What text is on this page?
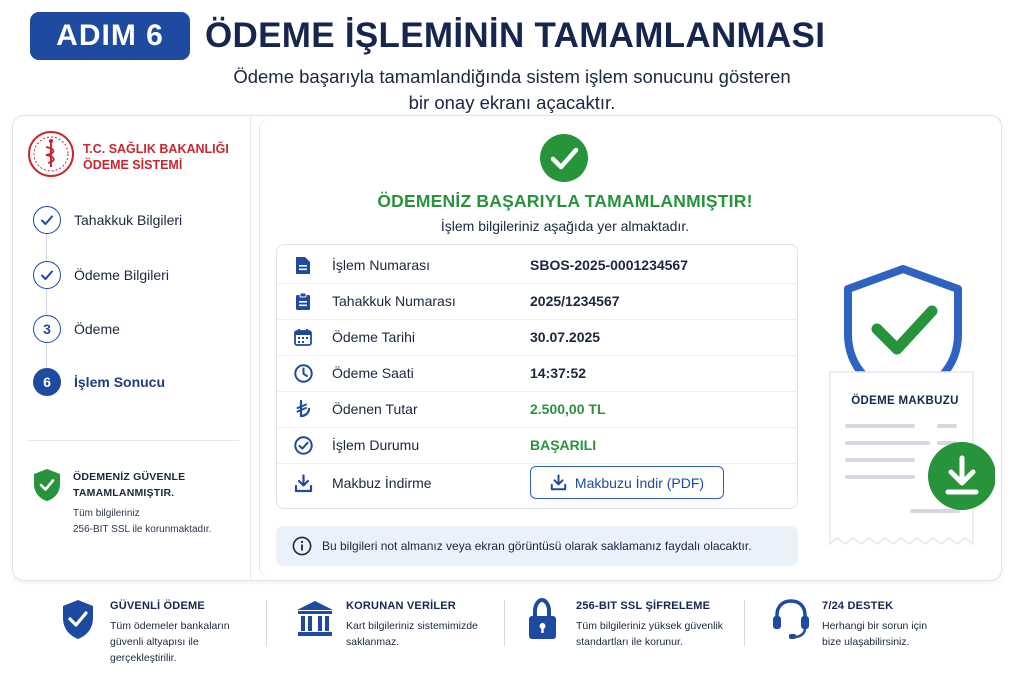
ADIM 6	ÖDEME İŞLEMİNİN TAMAMLANMASI
Ödeme başarıyla tamamlandiğında sistem işlem sonucunu gösteren
bir onay ekranı açacaktır.
T.C. SAĞLIK BAKANLIĞI
ÖDEME SİSTEMİ
Tahakkuk Bilgileri
Ödeme Bilgileri
3	Ödeme
6	İşlem Sonucu
ÖDEMENİZ GÜVENLE
TAMAMLANMIŞTIR.
Tüm bilgileriniz
256-BIT SSL ile korunmaktadır.
ÖDEMENİZ BAŞARIYLA TAMAMLANMIŞTIR!
İşlem bilgileriniz aşağıda yer almaktadır.
İşlem Numarası	SBOS-2025-0001234567
Tahakkuk Numarası	2025/1234567
Ödeme Tarihi	30.07.2025
Ödeme Saati	14:37:52
Ödenen Tutar	2.500,00 TL
İşlem Durumu	BAŞARILI
Makbuz İndirme	Makbuzu İndir (PDF)
Bu bilgileri not almanız veya ekran görüntüsü olarak saklamanız faydalı olacaktır.
ÖDEME MAKBUZU
GÜVENLİ ÖDEME
Tüm ödemeler bankaların
güvenli altyapısı ile
gerçekleştirilir.
KORUNAN VERİLER
Kart bilgileriniz sistemimizde
saklanmaz.
256-BIT SSL ŞİFRELEME
Tüm bilgileriniz yüksek güvenlik
standartları ile korunur.
7/24 DESTEK
Herhangi bir sorun için
bize ulaşabilirsiniz.
